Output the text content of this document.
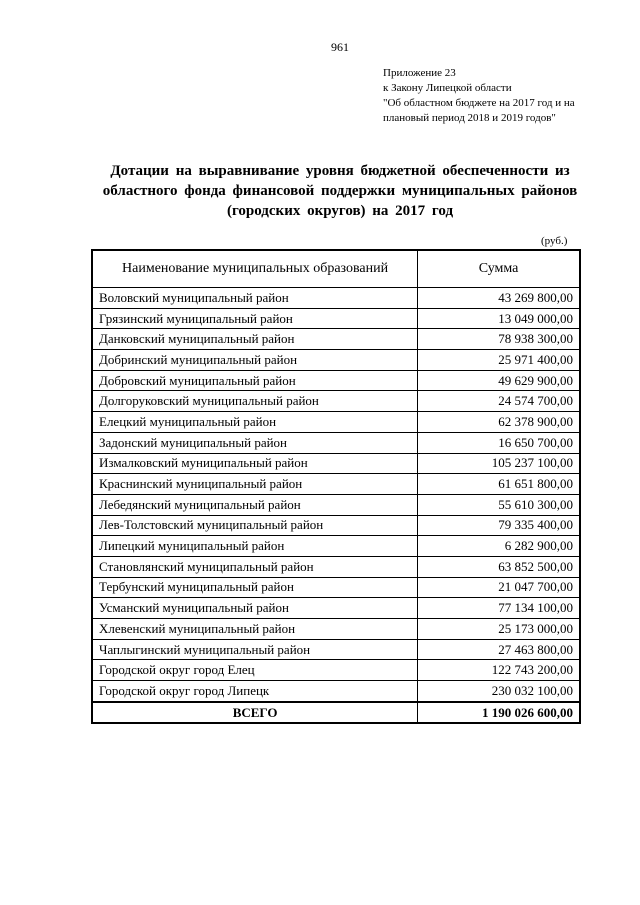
961
Приложение 23
к Закону Липецкой области
"Об областном бюджете на 2017 год и на
плановый период 2018 и 2019 годов"
Дотации на выравнивание уровня бюджетной обеспеченности из областного фонда финансовой поддержки муниципальных районов (городских округов) на 2017 год
(руб.)
Наименование муниципальных образований	Сумма
Воловский муниципальный район	43 269 800,00
Грязинский муниципальный район	13 049 000,00
Данковский муниципальный район	78 938 300,00
Добринский муниципальный район	25 971 400,00
Добровский муниципальный район	49 629 900,00
Долгоруковский муниципальный район	24 574 700,00
Елецкий муниципальный район	62 378 900,00
Задонский муниципальный район	16 650 700,00
Измалковский муниципальный район	105 237 100,00
Краснинский муниципальный район	61 651 800,00
Лебедянский муниципальный район	55 610 300,00
Лев-Толстовский муниципальный район	79 335 400,00
Липецкий муниципальный район	6 282 900,00
Становлянский муниципальный район	63 852 500,00
Тербунский муниципальный район	21 047 700,00
Усманский муниципальный район	77 134 100,00
Хлевенский муниципальный район	25 173 000,00
Чаплыгинский муниципальный район	27 463 800,00
Городской округ город Елец	122 743 200,00
Городской округ город Липецк	230 032 100,00
ВСЕГО	1 190 026 600,00
